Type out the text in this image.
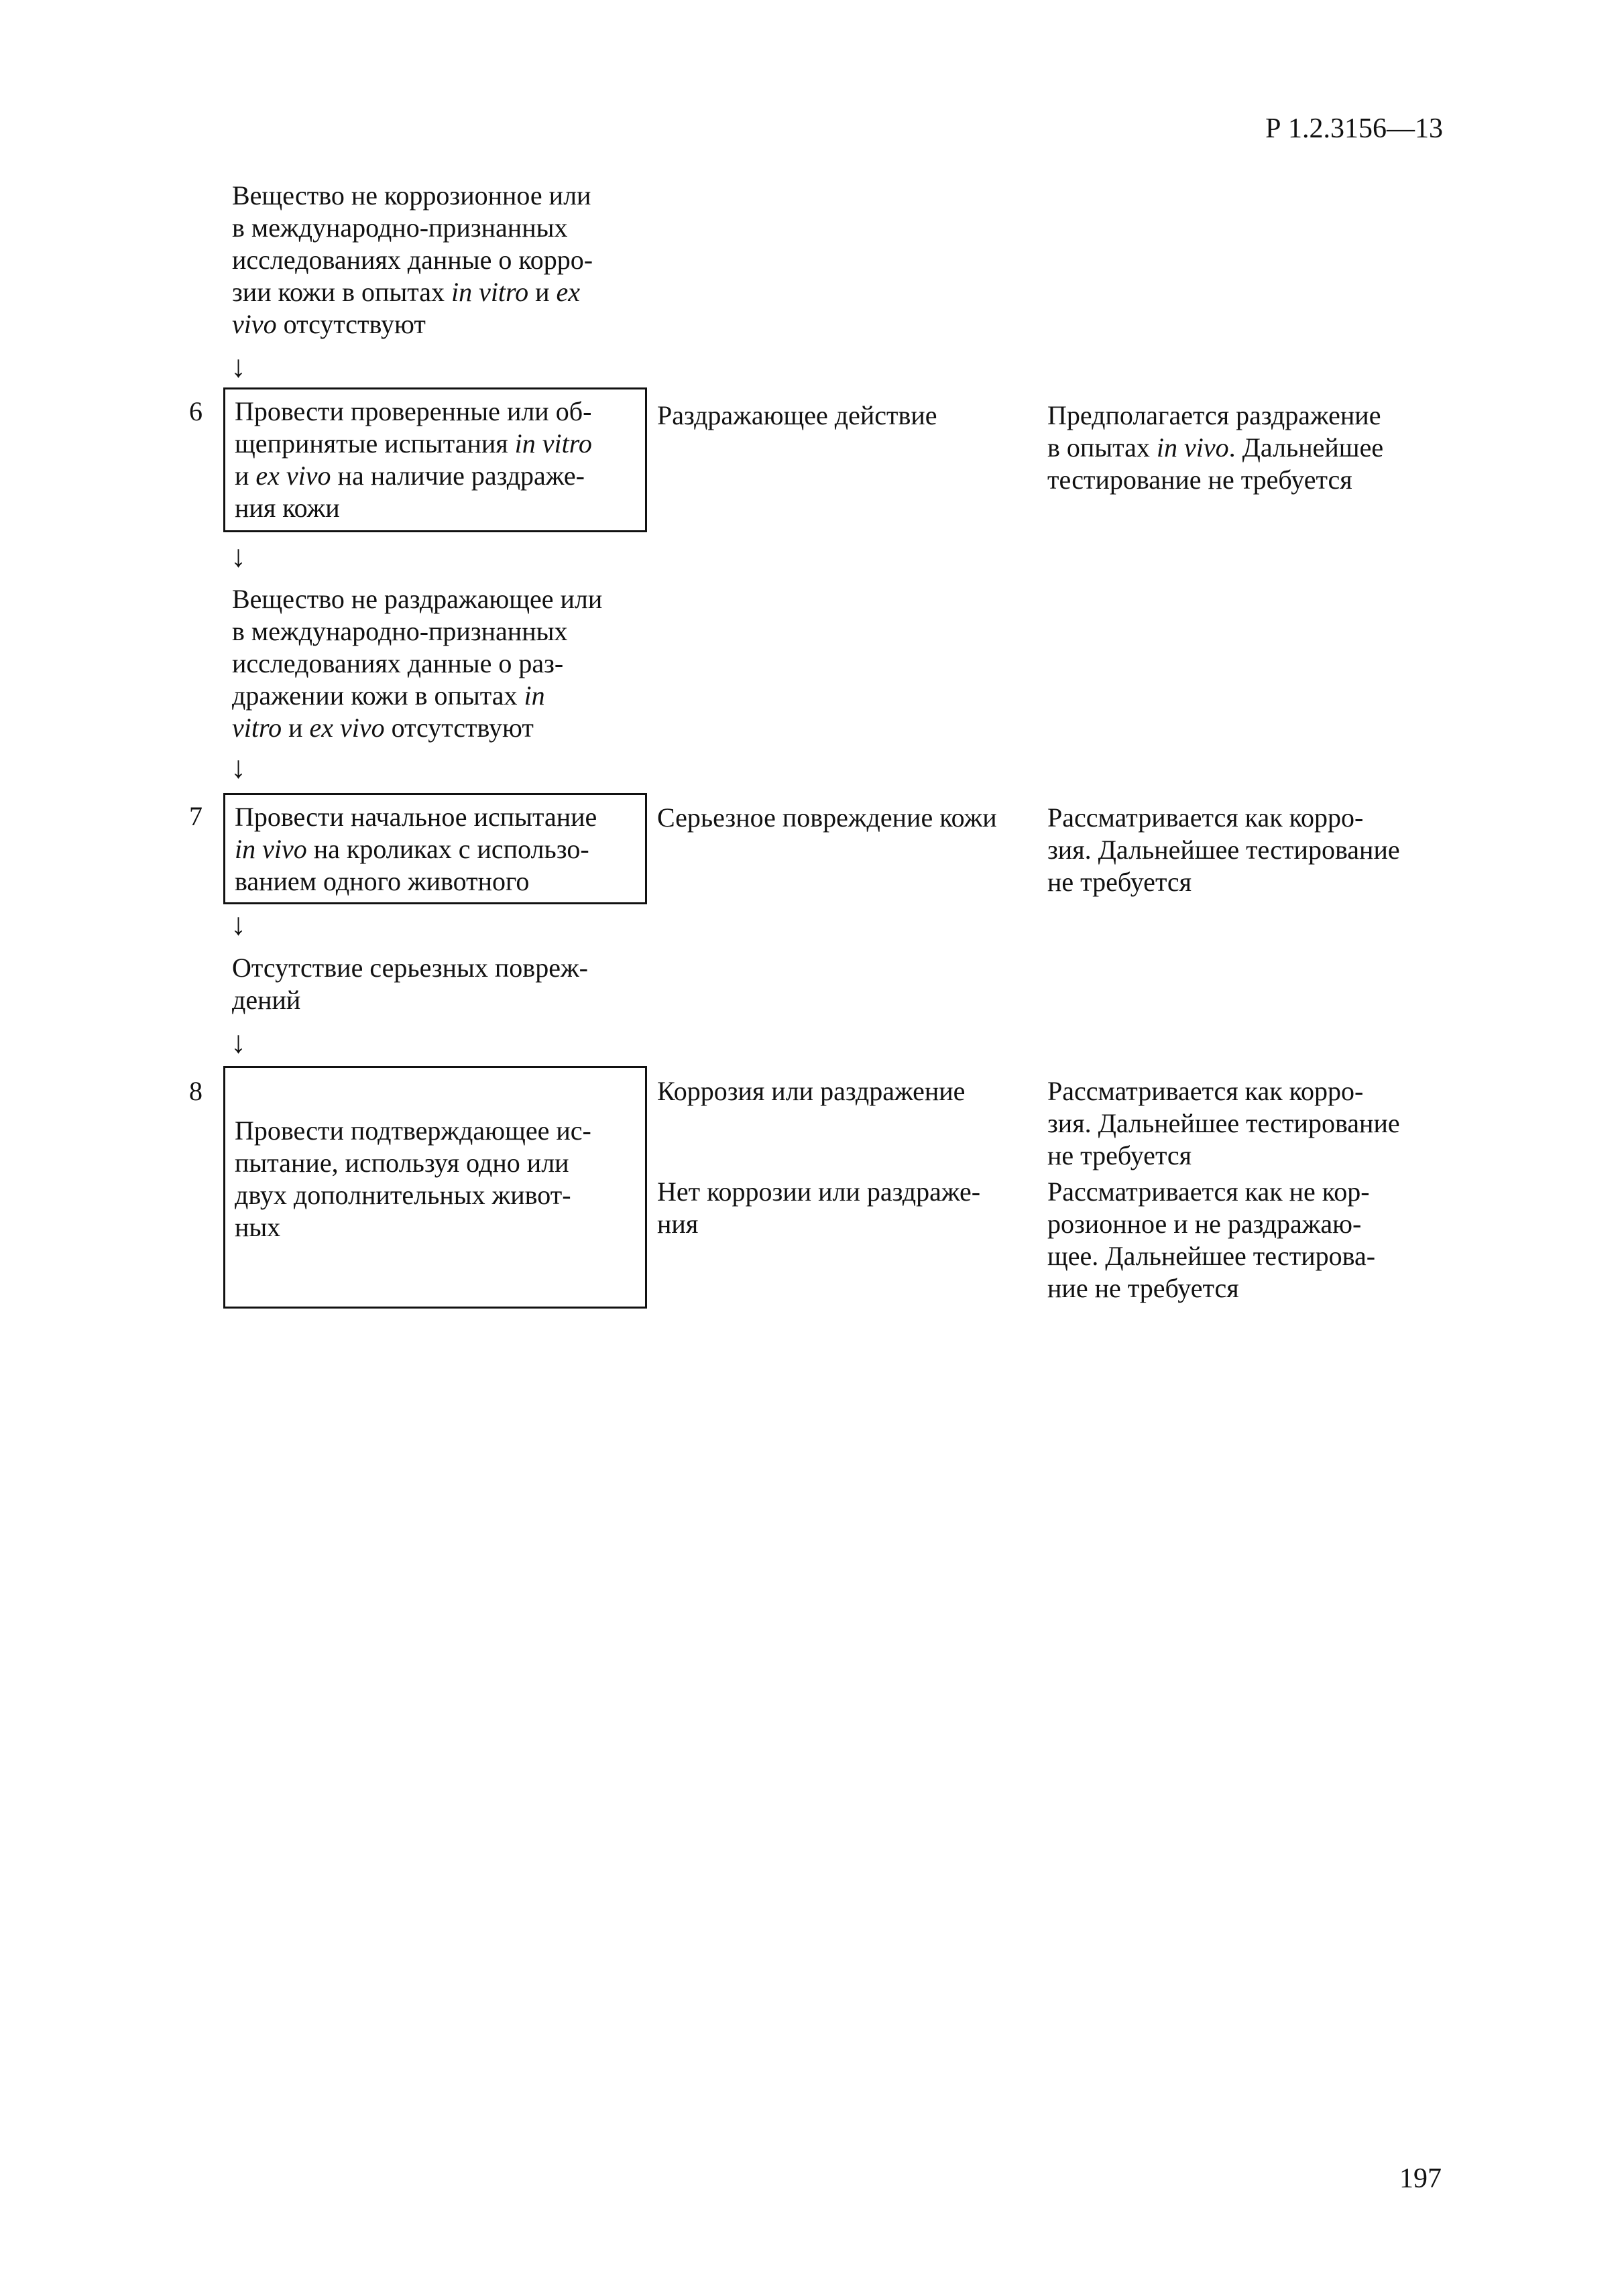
Р 1.2.3156—13
Вещество не коррозионное или
в международно-признанных
исследованиях данные о корро-
зии кожи в опытах in vitro и ex
vivo отсутствуют
↓
6 Провести проверенные или об-
щепринятые испытания in vitro
и ex vivo на наличие раздраже-
ния кожи
Раздражающее действие	Предполагается раздражение
в опытах in vivo. Дальнейшее
тестирование не требуется
↓
Вещество не раздражающее или
в международно-признанных
исследованиях данные о раз-
дражении кожи в опытах in
vitro и ex vivo отсутствуют
↓
7 Провести начальное испытание
in vivo на кроликах с использо-
ванием одного животного
Серьезное повреждение кожи Рассматривается как корро-
зия. Дальнейшее тестирование
не требуется
↓
Отсутствие серьезных повреж-
дений
↓
8
Провести подтверждающее ис-
пытание, используя одно или
двух дополнительных живот-
ных
Коррозия или раздражение	Рассматривается как корро-
зия. Дальнейшее тестирование
не требуется
Нет коррозии или раздраже-
ния
Рассматривается как не кор-
розионное и не раздражаю-
щее. Дальнейшее тестирова-
ние не требуется
197
